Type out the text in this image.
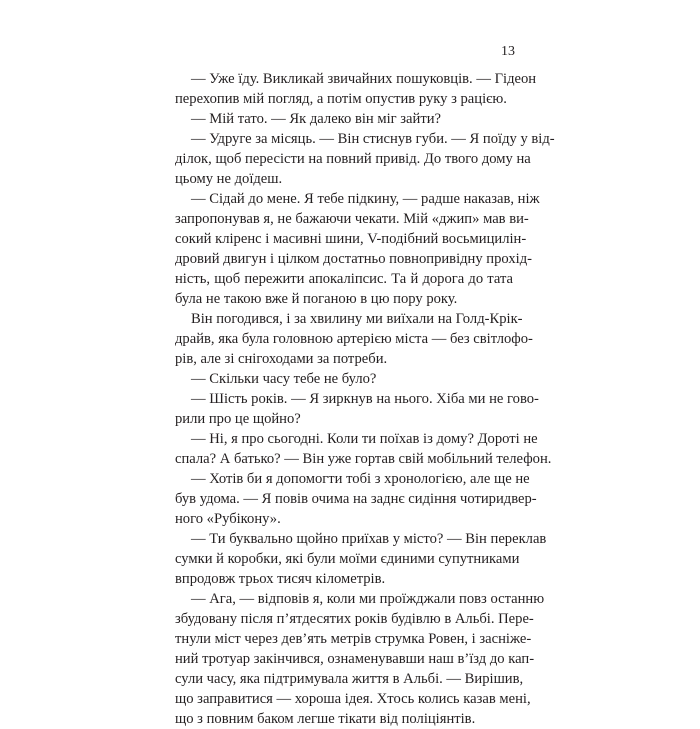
13
— Уже їду. Викликай звичайних пошуковців. — Гідеон
перехопив мій погляд, а потім опустив руку з рацією.
— Мій тато. — Як далеко він міг зайти?
— Удруге за місяць. — Він стиснув губи. — Я поїду у від-
ділок, щоб пересісти на повний привід. До твого дому на
цьому не доїдеш.
— Сідай до мене. Я тебе підкину, — радше наказав, ніж
запропонував я, не бажаючи чекати. Мій «джип» мав ви-
сокий кліренс і масивні шини, V-подібний восьмицилін-
дровий двигун і цілком достатньо повнопривідну прохід-
ність, щоб пережити апокаліпсис. Та й дорога до тата
була не такою вже й поганою в цю пору року.
Він погодився, і за хвилину ми виїхали на Голд-Крік-
драйв, яка була головною артерією міста — без світлофо-
рів, але зі снігоходами за потреби.
— Скільки часу тебе не було?
— Шість років. — Я зиркнув на нього. Хіба ми не гово-
рили про це щойно?
— Ні, я про сьогодні. Коли ти поїхав із дому? Дороті не
спала? А батько? — Він уже гортав свій мобільний телефон.
— Хотів би я допомогти тобі з хронологією, але ще не
був удома. — Я повів очима на заднє сидіння чотиридвер-
ного «Рубікону».
— Ти буквально щойно приїхав у місто? — Він переклав
сумки й коробки, які були моїми єдиними супутниками
впродовж трьох тисяч кілометрів.
— Ага, — відповів я, коли ми проїжджали повз останню
збудовану після п’ятдесятих років будівлю в Альбі. Пере-
тнули міст через дев’ять метрів струмка Ровен, і засніже-
ний тротуар закінчився, ознаменувавши наш в’їзд до кап-
сули часу, яка підтримувала життя в Альбі. — Вирішив,
що заправитися — хороша ідея. Хтось колись казав мені,
що з повним баком легше тікати від поліціянтів.
